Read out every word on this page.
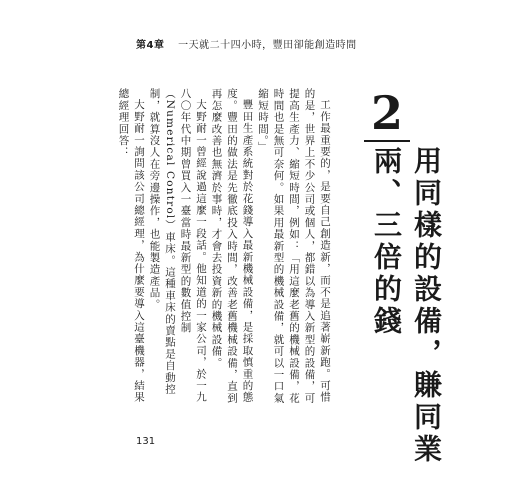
第4章 一天就二十四小時，豐田卻能創造時間

工作最重要的，是要自己創造新，而不是追著嶄新跑。可惜的是，世界上不少公司或個人，都錯以為導入新型的設備，可提高生產力、縮短時間，例如：「用這麼老舊的機械設備，花時間也是無可奈何。如果用最新型的機械設備，就可以一口氣縮短時間。」

豐田生產系統對於花錢導入最新機械設備，是採取慎重的態度。豐田的做法是先徹底投入時間，改善老舊機械設備，直到再怎麼改善也無濟於事時，才會去投資新的機械設備。

大野耐一曾經說過這麼一段話。他知道的一家公司，於一九八〇年代中期曾買入一臺當時最新型的數值控制（Numerical Control）車床。這種車床的賣點是自動控制，就算沒人在旁邊操作，也能製造產品。

大野耐一詢問該公司總經理，為什麼要導入這臺機器，結果總經理回答：	2
用同樣的設備，賺同業兩、三倍的錢
131
